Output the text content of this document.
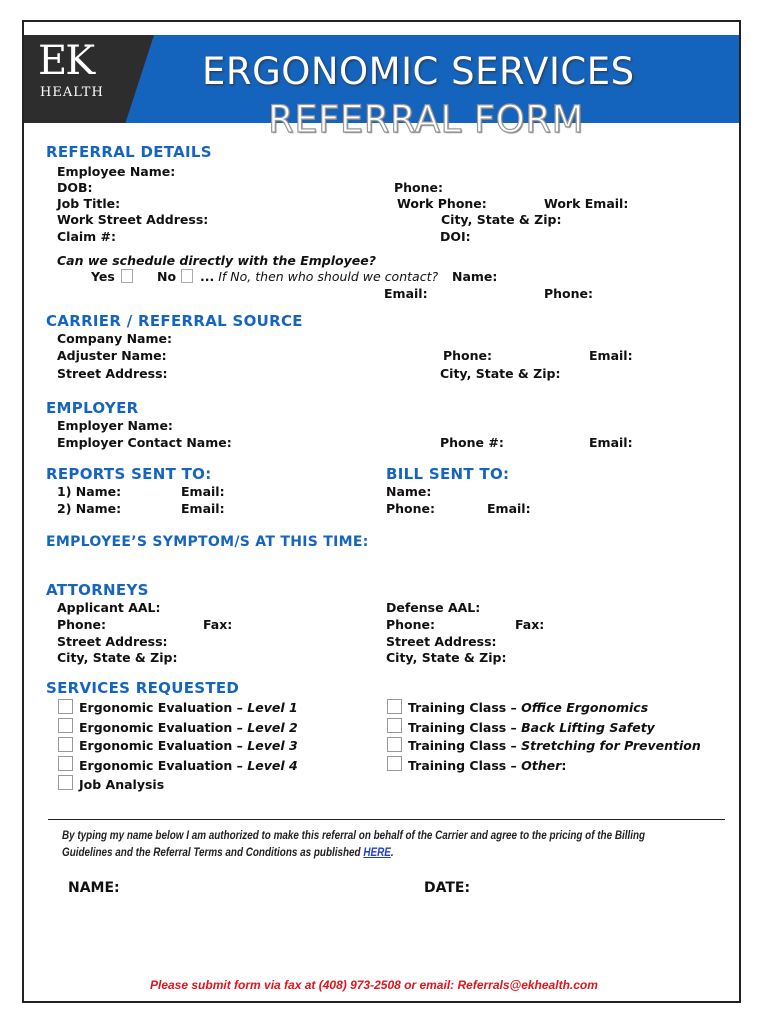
EK
HEALTH	ERGONOMIC SERVICES
REFERRAL FORM
REFERRAL DETAILS
Employee Name:
DOB:	Phone:
Job Title:	Work Phone:	Work Email:
Work Street Address:	City, State & Zip:
Claim #:	DOI:
Can we schedule directly with the Employee?
Yes	No ... If No, then who should we contact? Name:
Email:	Phone:
CARRIER / REFERRAL SOURCE
Company Name:
Adjuster Name:	Phone:	Email:
Street Address:	City, State & Zip:
EMPLOYER
Employer Name:
Employer Contact Name:	Phone #:	Email:
REPORTS SENT TO:
1) Name:	Email:
2) Name:	Email:
BILL SENT TO:
Name:
Phone:	Email:
EMPLOYEE’S SYMPTOM/S AT THIS TIME:
ATTORNEYS
Applicant AAL:
Phone:	Fax:
Street Address:
City, State & Zip:
Defense AAL:
Phone:	Fax:
Street Address:
City, State & Zip:
SERVICES REQUESTED
Ergonomic Evaluation – Level 1
Ergonomic Evaluation – Level 2
Ergonomic Evaluation – Level 3
Ergonomic Evaluation – Level 4
Job Analysis
Training Class – Office Ergonomics
Training Class – Back Lifting Safety
Training Class – Stretching for Prevention
Training Class – Other:
By typing my name below I am authorized to make this referral on behalf of the Carrier and agree to the pricing of the Billing
Guidelines and the Referral Terms and Conditions as published HERE.
NAME:	DATE:
Please submit form via fax at (408) 973-2508 or email: Referrals@ekhealth.com
